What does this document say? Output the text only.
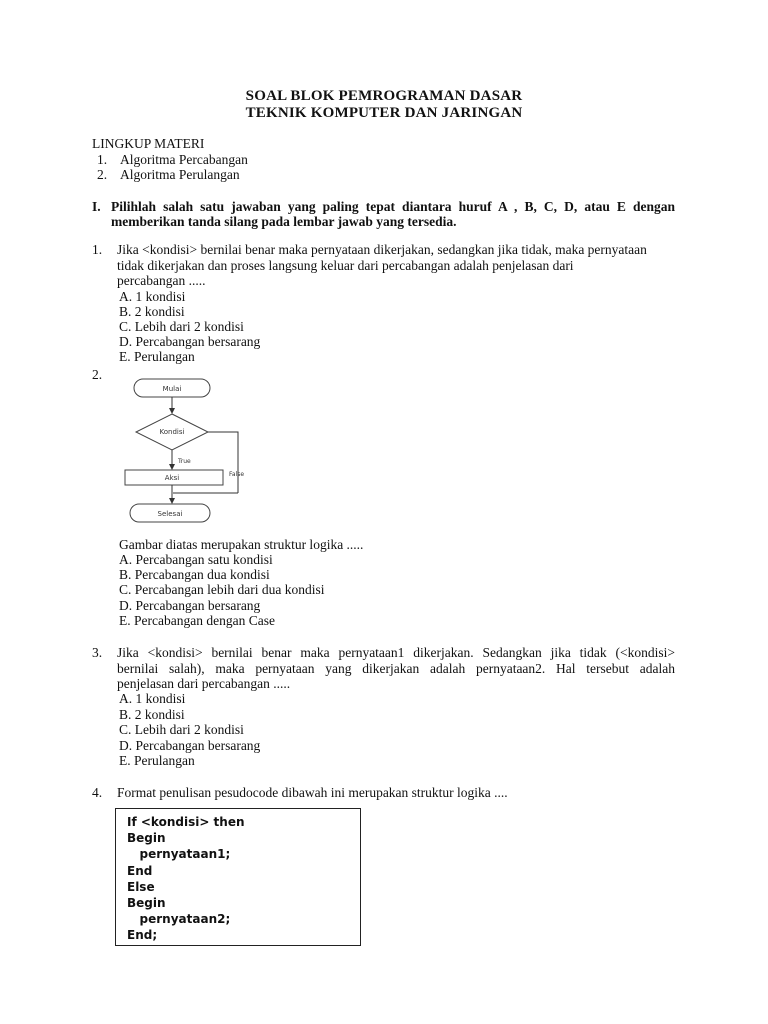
SOAL BLOK PEMROGRAMAN DASAR
TEKNIK KOMPUTER DAN JARINGAN
LINGKUP MATERI
1. Algoritma Percabangan
2. Algoritma Perulangan
I. Pilihlah salah satu jawaban yang paling tepat diantara huruf A , B, C, D, atau E dengan
memberikan tanda silang pada lembar jawab yang tersedia.
1. Jika <kondisi> bernilai benar maka pernyataan dikerjakan, sedangkan jika tidak, maka pernyataan
tidak dikerjakan dan proses langsung keluar dari percabangan adalah penjelasan dari
percabangan .....
A. 1 kondisi
B. 2 kondisi
C. Lebih dari 2 kondisi
D. Percabangan bersarang
E. Perulangan
2.
Mulai
Kondisi
True
False
Aksi
Selesai
Gambar diatas merupakan struktur logika .....
A. Percabangan satu kondisi
B. Percabangan dua kondisi
C. Percabangan lebih dari dua kondisi
D. Percabangan bersarang
E. Percabangan dengan Case
3. Jika <kondisi> bernilai benar maka pernyataan1 dikerjakan. Sedangkan jika tidak (<kondisi>
bernilai salah), maka pernyataan yang dikerjakan adalah pernyataan2. Hal tersebut adalah
penjelasan dari percabangan .....
A. 1 kondisi
B. 2 kondisi
C. Lebih dari 2 kondisi
D. Percabangan bersarang
E. Perulangan
4. Format penulisan pesudocode dibawah ini merupakan struktur logika ....
If <kondisi> then
Begin
pernyataan1;
End
Else
Begin
pernyataan2;
End;
